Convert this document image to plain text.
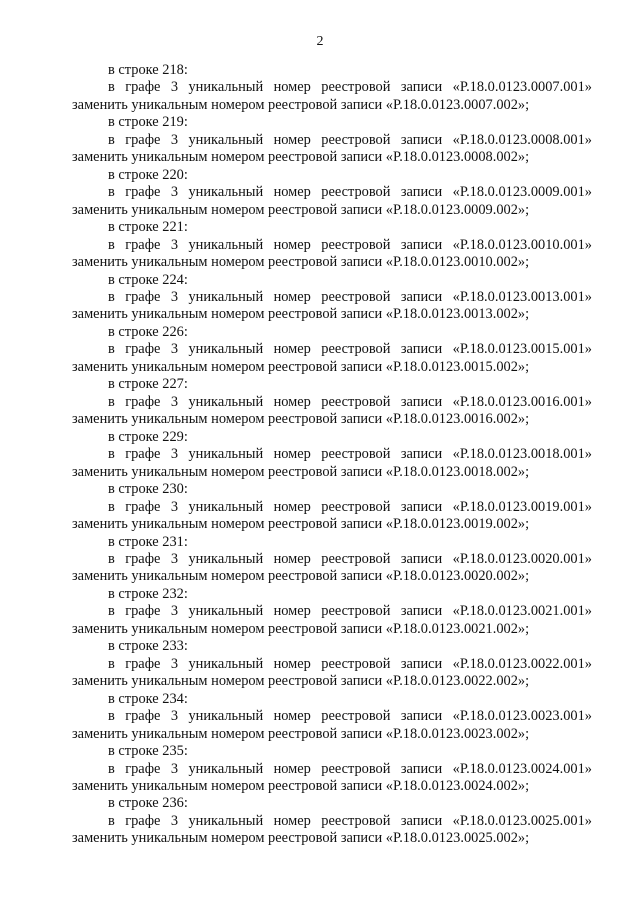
2
в строке 218:
в графе 3 уникальный номер реестровой записи «Р.18.0.0123.0007.001»
заменить уникальным номером реестровой записи «Р.18.0.0123.0007.002»;
в строке 219:
в графе 3 уникальный номер реестровой записи «Р.18.0.0123.0008.001»
заменить уникальным номером реестровой записи «Р.18.0.0123.0008.002»;
в строке 220:
в графе 3 уникальный номер реестровой записи «Р.18.0.0123.0009.001»
заменить уникальным номером реестровой записи «Р.18.0.0123.0009.002»;
в строке 221:
в графе 3 уникальный номер реестровой записи «Р.18.0.0123.0010.001»
заменить уникальным номером реестровой записи «Р.18.0.0123.0010.002»;
в строке 224:
в графе 3 уникальный номер реестровой записи «Р.18.0.0123.0013.001»
заменить уникальным номером реестровой записи «Р.18.0.0123.0013.002»;
в строке 226:
в графе 3 уникальный номер реестровой записи «Р.18.0.0123.0015.001»
заменить уникальным номером реестровой записи «Р.18.0.0123.0015.002»;
в строке 227:
в графе 3 уникальный номер реестровой записи «Р.18.0.0123.0016.001»
заменить уникальным номером реестровой записи «Р.18.0.0123.0016.002»;
в строке 229:
в графе 3 уникальный номер реестровой записи «Р.18.0.0123.0018.001»
заменить уникальным номером реестровой записи «Р.18.0.0123.0018.002»;
в строке 230:
в графе 3 уникальный номер реестровой записи «Р.18.0.0123.0019.001»
заменить уникальным номером реестровой записи «Р.18.0.0123.0019.002»;
в строке 231:
в графе 3 уникальный номер реестровой записи «Р.18.0.0123.0020.001»
заменить уникальным номером реестровой записи «Р.18.0.0123.0020.002»;
в строке 232:
в графе 3 уникальный номер реестровой записи «Р.18.0.0123.0021.001»
заменить уникальным номером реестровой записи «Р.18.0.0123.0021.002»;
в строке 233:
в графе 3 уникальный номер реестровой записи «Р.18.0.0123.0022.001»
заменить уникальным номером реестровой записи «Р.18.0.0123.0022.002»;
в строке 234:
в графе 3 уникальный номер реестровой записи «Р.18.0.0123.0023.001»
заменить уникальным номером реестровой записи «Р.18.0.0123.0023.002»;
в строке 235:
в графе 3 уникальный номер реестровой записи «Р.18.0.0123.0024.001»
заменить уникальным номером реестровой записи «Р.18.0.0123.0024.002»;
в строке 236:
в графе 3 уникальный номер реестровой записи «Р.18.0.0123.0025.001»
заменить уникальным номером реестровой записи «Р.18.0.0123.0025.002»;
